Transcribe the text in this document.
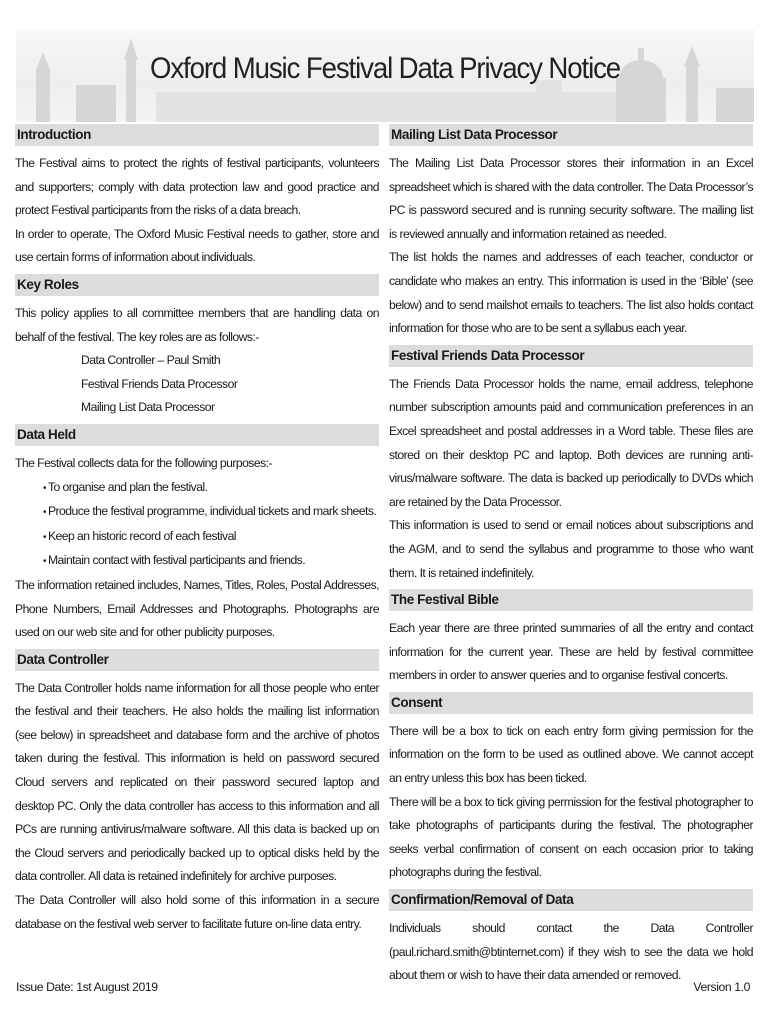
Oxford Music Festival Data Privacy Notice
Introduction

The Festival aims to protect the rights of festival participants, volunteers and supporters; comply with data protection law and good practice and protect Festival participants from the risks of a data breach.

In order to operate, The Oxford Music Festival needs to gather, store and use certain forms of information about individuals.

Key Roles

This policy applies to all committee members that are handling data on behalf of the festival. The key roles are as follows:-

Data Controller – Paul Smith
Festival Friends Data Processor
Mailing List Data Processor
Data Held

The Festival collects data for the following purposes:-

• To organise and plan the festival.
• Produce the festival programme, individual tickets and mark sheets.
• Keep an historic record of each festival
• Maintain contact with festival participants and friends.

The information retained includes, Names, Titles, Roles, Postal Addresses, Phone Numbers, Email Addresses and Photographs. Photographs are used on our web site and for other publicity purposes.

Data Controller

The Data Controller holds name information for all those people who enter the festival and their teachers. He also holds the mailing list information (see below) in spreadsheet and database form and the archive of photos taken during the festival. This information is held on password secured Cloud servers and replicated on their password secured laptop and desktop PC. Only the data controller has access to this information and all PCs are running antivirus/malware software. All this data is backed up on the Cloud servers and periodically backed up to optical disks held by the data controller. All data is retained indefinitely for archive purposes.

The Data Controller will also hold some of this information in a secure database on the festival web server to facilitate future on-line data entry.

Mailing List Data Processor

The Mailing List Data Processor stores their information in an Excel spreadsheet which is shared with the data controller. The Data Processor’s PC is password secured and is running security software. The mailing list is reviewed annually and information retained as needed.

The list holds the names and addresses of each teacher, conductor or candidate who makes an entry. This information is used in the ‘Bible’ (see below) and to send mailshot emails to teachers. The list also holds contact information for those who are to be sent a syllabus each year.

Festival Friends Data Processor

The Friends Data Processor holds the name, email address, telephone number subscription amounts paid and communication preferences in an Excel spreadsheet and postal addresses in a Word table. These files are stored on their desktop PC and laptop. Both devices are running anti-virus/malware software. The data is backed up periodically to DVDs which are retained by the Data Processor.

This information is used to send or email notices about subscriptions and the AGM, and to send the syllabus and programme to those who want them. It is retained indefinitely.

The Festival Bible

Each year there are three printed summaries of all the entry and contact information for the current year. These are held by festival committee members in order to answer queries and to organise festival concerts.

Consent

There will be a box to tick on each entry form giving permission for the information on the form to be used as outlined above. We cannot accept an entry unless this box has been ticked.

There will be a box to tick giving permission for the festival photographer to take photographs of participants during the festival. The photographer seeks verbal confirmation of consent on each occasion prior to taking photographs during the festival.

Confirmation/Removal of Data

Individuals should contact the Data Controller (paul.richard.smith@btinternet.com) if they wish to see the data we hold about them or wish to have their data amended or removed.

Issue Date: 1st August 2019	Version 1.0
